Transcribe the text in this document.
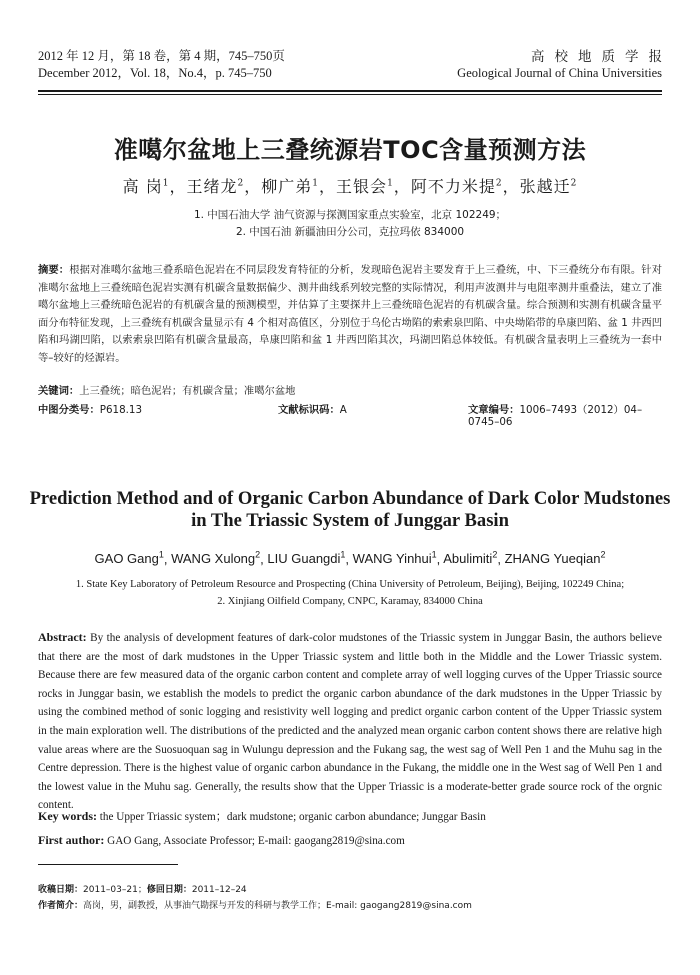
2012 年 12 月，第 18 卷，第 4 期，745–750页
December 2012，Vol. 18，No.4，p. 745–750
高校地质学报
Geological Journal of China Universities
准噶尔盆地上三叠统源岩TOC含量预测方法
高 岗$^1$，王绪龙$^2$，柳广弟$^1$，王银会$^1$，阿不力米提$^2$，张越迁$^2$
1. 中国石油大学 油气资源与探测国家重点实验室，北京 102249；
2. 中国石油 新疆油田分公司，克拉玛依 834000
摘要：根据对准噶尔盆地三叠系暗色泥岩在不同层段发育特征的分析，发现暗色泥岩主要发育于上三叠统，中、下三叠统分布有限。针对准噶尔盆地上三叠统暗色泥岩实测有机碳含量数据偏少、测井曲线系列较完整的实际情况，利用声波测井与电阻率测井重叠法，建立了准噶尔盆地上三叠统暗色泥岩的有机碳含量的预测模型，并估算了主要探井上三叠统暗色泥岩的有机碳含量。综合预测和实测有机碳含量平面分布特征发现，上三叠统有机碳含量显示有 4 个相对高值区，分别位于乌伦古坳陷的索索泉凹陷、中央坳陷带的阜康凹陷、盆 1 井西凹陷和玛湖凹陷，以索索泉凹陷有机碳含量最高，阜康凹陷和盆 1 井西凹陷其次，玛湖凹陷总体较低。有机碳含量表明上三叠统为一套中等–较好的烃源岩。
关键词：上三叠统；暗色泥岩；有机碳含量；准噶尔盆地
中图分类号：P618.13	文献标识码：A	文章编号：1006–7493（2012）04–0745–06
Prediction Method and of Organic Carbon Abundance of Dark Color Mudstones
in The Triassic System of Junggar Basin
GAO Gang$^1$, WANG Xulong$^2$, LIU Guangdi$^1$, WANG Yinhui$^1$, Abulimiti$^2$, ZHANG Yueqian$^2$
1. State Key Laboratory of Petroleum Resource and Prospecting (China University of Petroleum, Beijing), Beijing, 102249 China;
2. Xinjiang Oilfield Company, CNPC, Karamay, 834000 China
Abstract: By the analysis of development features of dark-color mudstones of the Triassic system in Junggar Basin, the authors believe that there are the most of dark mudstones in the Upper Triassic system and little both in the Middle and the Lower Triassic system. Because there are few measured data of the organic carbon content and complete array of well logging curves of the Upper Triassic source rocks in Junggar basin, we establish the models to predict the organic carbon abundance of the dark mudstones in the Upper Triassic by using the combined method of sonic logging and resistivity well logging and predict organic carbon content of the Upper Triassic system in the main exploration well. The distributions of the predicted and the analyzed mean organic carbon content shows there are relative high value areas where are the Suosuoquan sag in Wulungu depression and the Fukang sag, the west sag of Well Pen 1 and the Muhu sag in the Centre depression. There is the highest value of organic carbon abundance in the Fukang, the middle one in the West sag of Well Pen 1 and the lowest value in the Muhu sag. Generally, the results show that the Upper Triassic is a moderate-better grade source rock of the orgnic content.
Key words: the Upper Triassic system；dark mudstone; organic carbon abundance; Junggar Basin
First author: GAO Gang, Associate Professor; E-mail: gaogang2819@sina.com
收稿日期：2011–03–21；修回日期：2011–12–24
作者简介：高岗，男，副教授，从事油气勘探与开发的科研与教学工作；E-mail: gaogang2819@sina.com
